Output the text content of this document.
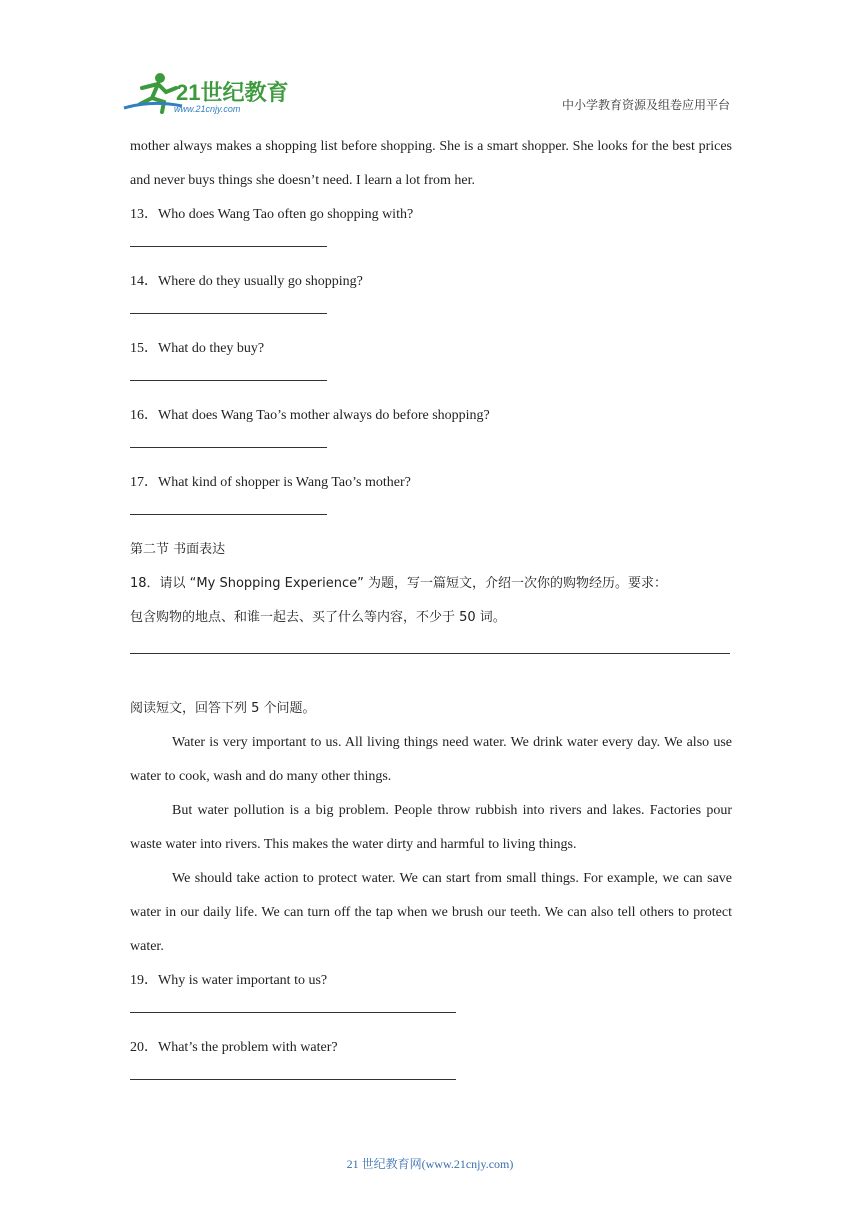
21世纪教育
www.21cnjy.com	中小学教育资源及组卷应用平台

mother always makes a shopping list before shopping. She is a smart shopper. She looks for the best prices and never buys things she doesn’t need. I learn a lot from her.

13．Who does Wang Tao often go shopping with?

14．Where do they usually go shopping?

15．What do they buy?

16．What does Wang Tao’s mother always do before shopping?

17．What kind of shopper is Wang Tao’s mother?

第二节 书面表达

18．请以 “My Shopping Experience” 为题，写一篇短文，介绍一次你的购物经历。要求：

包含购物的地点、和谁一起去、买了什么等内容，不少于 50 词。

阅读短文，回答下列 5 个问题。

Water is very important to us. All living things need water. We drink water every day. We also use water to cook, wash and do many other things.

But water pollution is a big problem. People throw rubbish into rivers and lakes. Factories pour waste water into rivers. This makes the water dirty and harmful to living things.

We should take action to protect water. We can start from small things. For example, we can save water in our daily life. We can turn off the tap when we brush our teeth. We can also tell others to protect water.

19．Why is water important to us?

20．What’s the problem with water?

21 世纪教育网(www.21cnjy.com)
